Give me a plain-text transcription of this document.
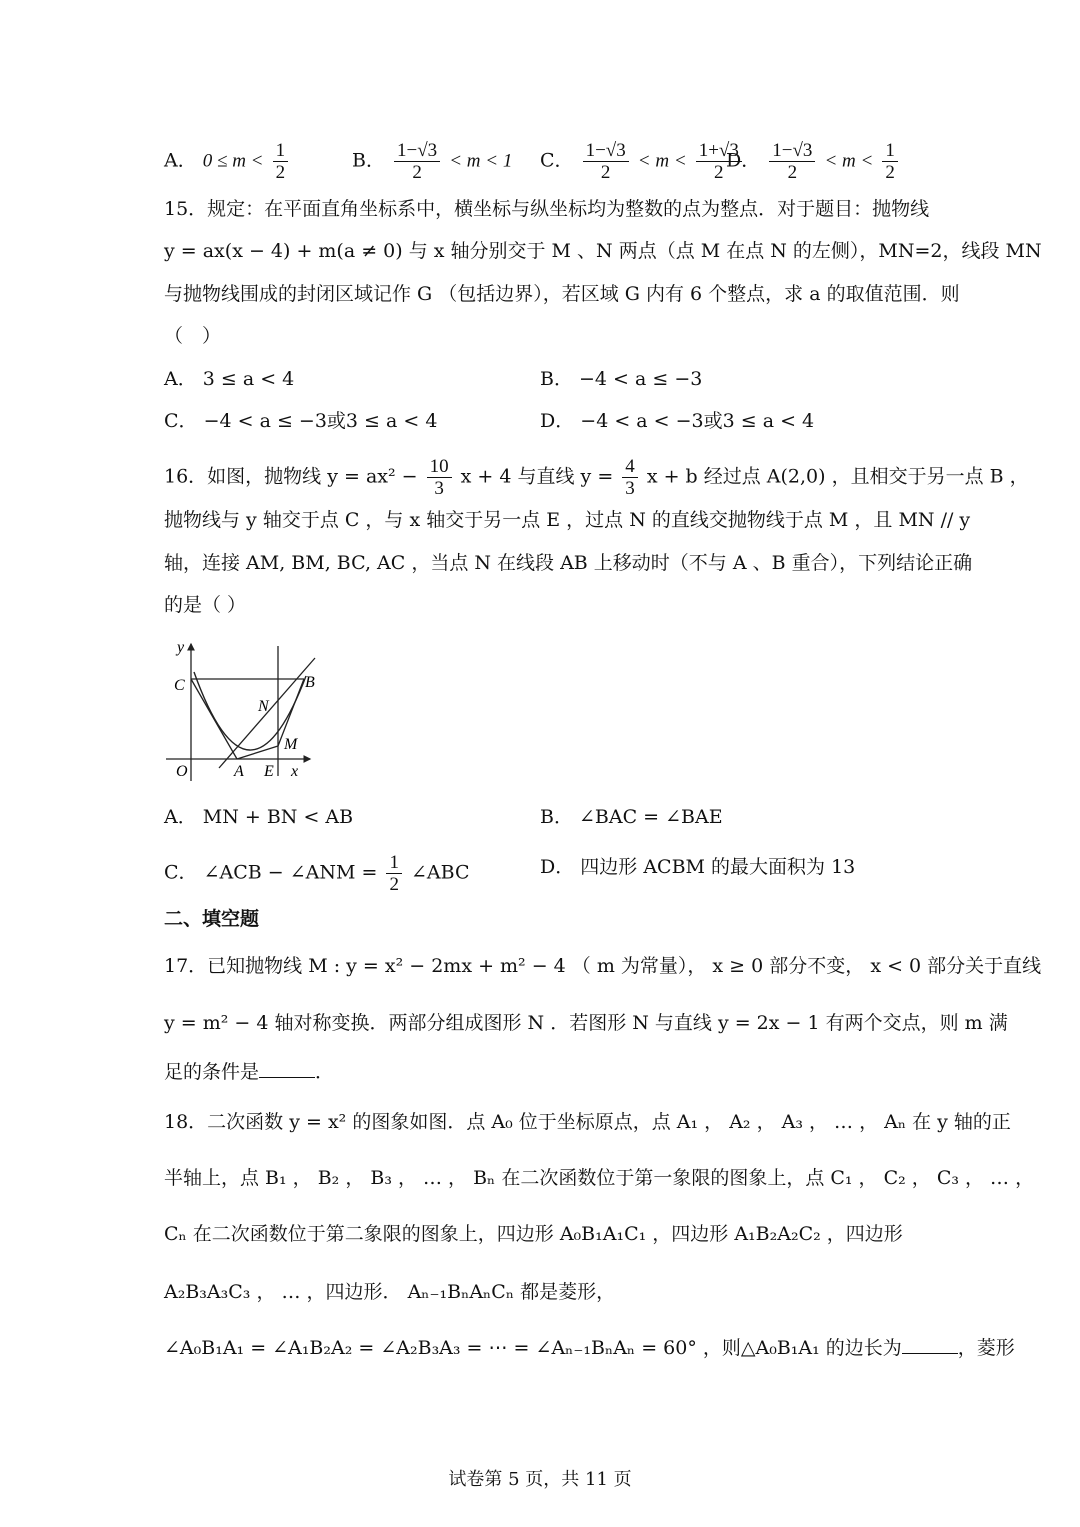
A． $0 \le m < \frac{1}{2}$	B． $\frac{1-√3}{2} < m < 1$ C． $\frac{1-√3}{2} < m < \frac{1+√3}{2}$
D． $\frac{1-√3}{2} < m < \frac{1}{2}$
15．规定：在平面直角坐标系中，横坐标与纵坐标均为整数的点为整点．对于题目：抛物线
y = ax(x − 4) + m(a ≠ 0) 与 x 轴分别交于 M 、N 两点（点 M 在点 N 的左侧），MN=2，线段 MN
与抛物线围成的封闭区域记作 G （包括边界），若区域 G 内有 6 个整点，求 a 的取值范围．则
（　）
A． 3 ≤ a < 4	B． −4 < a ≤ −3
C． −4 < a ≤ −3或3 ≤ a < 4	D． −4 < a < −3或3 ≤ a < 4
16．如图，抛物线 $y = ax^2 - \frac{10}{3}$ x + 4 与直线 $y = \frac{4}{3}$ x + b 经过点 A(2,0) ，且相交于另一点 B ，
抛物线与 y 轴交于点 C ，与 x 轴交于另一点 E ，过点 N 的直线交抛物线于点 M ，且 MN // y
轴，连接 AM, BM, BC, AC ，当点 N 在线段 AB 上移动时（不与 A 、B 重合），下列结论正确
的是（ ）
y
C	B
N
M
O	A E x
A． MN + BN < AB	B． ∠BAC = ∠BAE
C． ∠ACB − ∠ANM = $\frac{1}{2}$ ∠ABC	D． 四边形 ACBM 的最大面积为 13
二、填空题
17．已知抛物线 M : y = x² − 2mx + m² − 4 （ m 为常量）， x ≥ 0 部分不变， x < 0 部分关于直线
y = m² − 4 轴对称变换．两部分组成图形 N ．若图形 N 与直线 y = 2x − 1 有两个交点，则 m 满
足的条件是	．
18．二次函数 y = x² 的图象如图．点 A₀ 位于坐标原点，点 A₁ ， A₂ ， A₃ ， … ， Aₙ 在 y 轴的正
半轴上，点 B₁ ， B₂ ， B₃ ， … ， Bₙ 在二次函数位于第一象限的图象上，点 C₁ ， C₂ ， C₃ ， … ，
Cₙ 在二次函数位于第二象限的图象上，四边形 A₀B₁A₁C₁ ，四边形 A₁B₂A₂C₂ ，四边形
A₂B₃A₃C₃ ， … ，四边形． Aₙ₋₁BₙAₙCₙ 都是菱形，
∠A₀B₁A₁ = ∠A₁B₂A₂ = ∠A₂B₃A₃ = ⋯ = ∠Aₙ₋₁BₙAₙ = 60° ，则△A₀B₁A₁ 的边长为	，菱形
试卷第 5 页，共 11 页
